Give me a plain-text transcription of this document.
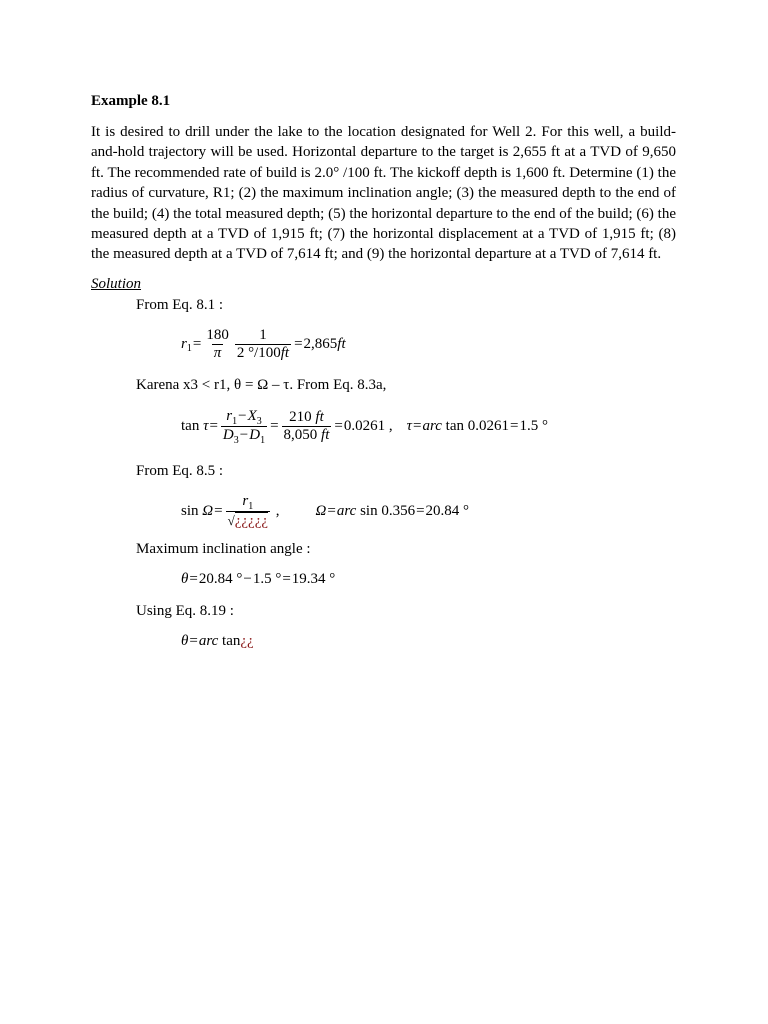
Example 8.1

It is desired to drill under the lake to the location designated for Well 2. For this well, a build-and-hold trajectory will be used. Horizontal departure to the target is 2,655 ft at a TVD of 9,650 ft. The recommended rate of build is 2.0° /100 ft. The kickoff depth is 1,600 ft. Determine (1) the radius of curvature, R1; (2) the maximum inclination angle; (3) the measured depth to the end of the build; (4) the total measured depth; (5) the horizontal departure to the end of the build; (6) the measured depth at a TVD of 1,915 ft; (7) the horizontal displacement at a TVD of 1,915 ft; (8) the measured depth at a TVD of 7,614 ft; and (9) the horizontal departure at a TVD of 7,614 ft.

Solution

From Eq. 8.1 :

r $1 = \frac{180}{\pi} \frac{1}{2 ^\circ/100ft} = 2,865$ ft

Karena x3 < r1, θ = Ω – τ. From Eq. 8.3a,

tan
$\tau = \frac{r_1-X_3}{D_3-D_1} = \frac{210 ft}{8,050 ft} = 0.0261$
, τ = arc
tan
0.0261 = 1.5
°

From Eq. 8.5 :

sin
$\Omega = \frac{r_1}{√¿¿¿¿¿}$
, Ω = arc
sin
0.356 = 20.84
°

Maximum inclination angle :

θ = 20.84
° − 1.5
° = 19.34
°

Using Eq. 8.19 :

θ = arc
tan ¿¿
